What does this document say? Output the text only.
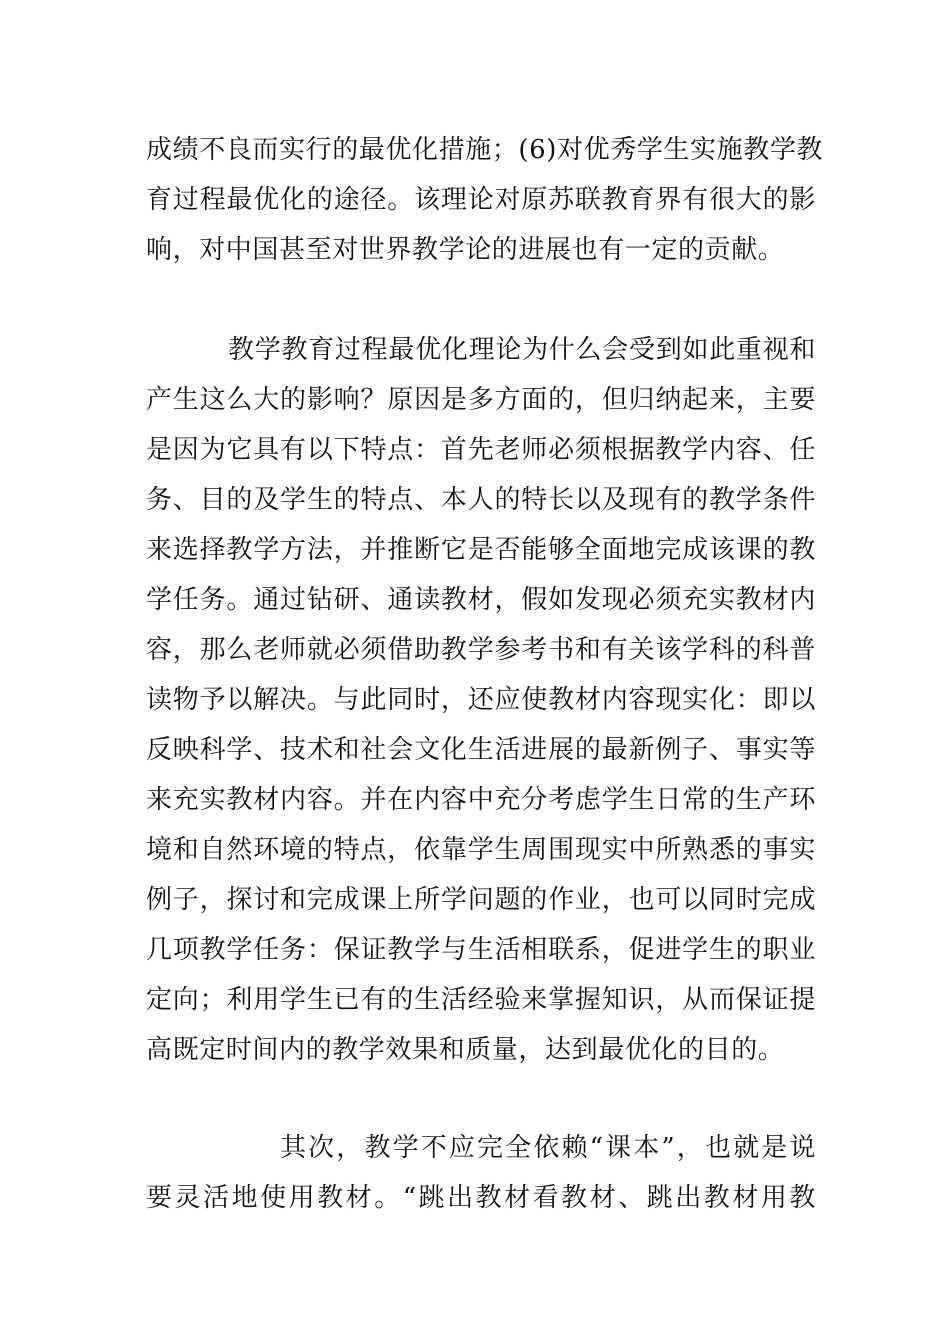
成绩不良而实行的最优化措施；(6)对优秀学生实施教学教
育过程最优化的途径。该理论对原苏联教育界有很大的影
响，对中国甚至对世界教学论的进展也有一定的贡献。
教学教育过程最优化理论为什么会受到如此重视和
产生这么大的影响？原因是多方面的，但归纳起来，主要
是因为它具有以下特点：首先老师必须根据教学内容、任
务、目的及学生的特点、本人的特长以及现有的教学条件
来选择教学方法，并推断它是否能够全面地完成该课的教
学任务。通过钻研、通读教材，假如发现必须充实教材内
容，那么老师就必须借助教学参考书和有关该学科的科普
读物予以解决。与此同时，还应使教材内容现实化：即以
反映科学、技术和社会文化生活进展的最新例子、事实等
来充实教材内容。并在内容中充分考虑学生日常的生产环
境和自然环境的特点，依靠学生周围现实中所熟悉的事实
例子，探讨和完成课上所学问题的作业，也可以同时完成
几项教学任务：保证教学与生活相联系，促进学生的职业
定向；利用学生已有的生活经验来掌握知识，从而保证提
高既定时间内的教学效果和质量，达到最优化的目的。
其次，教学不应完全依赖“课本”，也就是说
要灵活地使用教材。“跳出教材看教材、跳出教材用教
